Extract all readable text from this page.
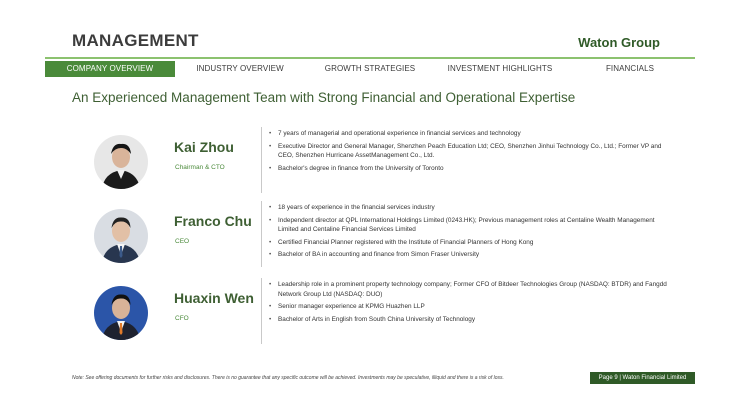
MANAGEMENT	Waton Group
COMPANY OVERVIEW	INDUSTRY OVERVIEW	GROWTH STRATEGIES	INVESTMENT HIGHLIGHTS	FINANCIALS
An Experienced Management Team with Strong Financial and Operational Expertise
Kai Zhou
Chairman & CTO
• 7 years of managerial and operational experience in financial services and technology
• Executive Director and General Manager, Shenzhen Peach Education Ltd; CEO, Shenzhen Jinhui Technology Co., Ltd.; Former VP and CEO, Shenzhen Hurricane AssetManagement Co., Ltd.
• Bachelor's degree in finance from the University of Toronto
Franco Chu
CEO
• 18 years of experience in the financial services industry
• Independent director at QPL International Holdings Limited (0243.HK); Previous management roles at Centaline Wealth Management Limited and Centaline Financial Services Limited
• Certified Financial Planner registered with the Institute of Financial Planners of Hong Kong
• Bachelor of BA in accounting and finance from Simon Fraser University
Huaxin Wen
CFO
• Leadership role in a prominent property technology company; Former CFO of Bitdeer Technologies Group (NASDAQ: BTDR) and Fangdd Network Group Ltd (NASDAQ: DUO)
• Senior manager experience at KPMG Huazhen LLP
• Bachelor of Arts in English from South China University of Technology
Note: See offering documents for further risks and disclosures. There is no guarantee that any specific outcome will be achieved. Investments may be speculative, illiquid and there is a risk of loss.	Page 9 | Waton Financial Limited
